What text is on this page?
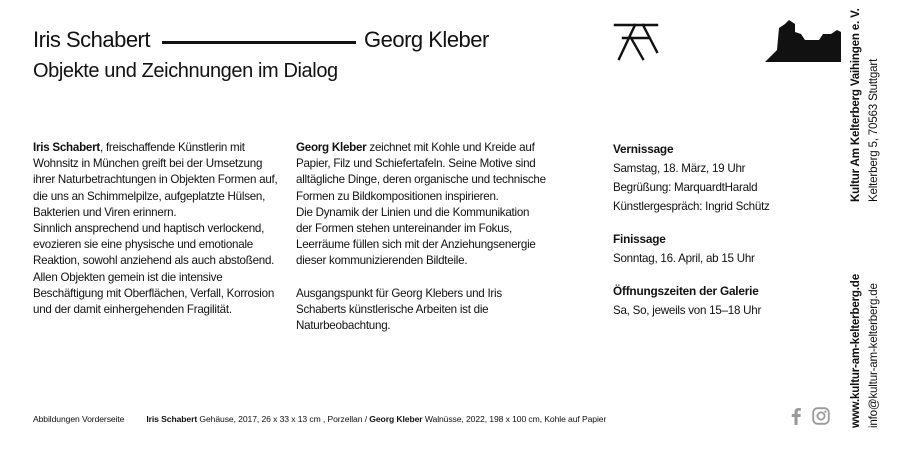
Iris Schabert	Georg Kleber
Objekte und Zeichnungen im Dialog

Iris Schabert, freischaffende Künstlerin mit Wohnsitz in München greift bei der Umsetzung ihrer Naturbetrachtungen in Objekten Formen auf, die uns an Schimmelpilze, aufgeplatzte Hülsen, Bakterien und Viren erinnern.

Sinnlich ansprechend und haptisch verlockend, evozieren sie eine physische und emotionale Reaktion, sowohl anziehend als auch abstoßend.

Allen Objekten gemein ist die intensive Beschäftigung mit Oberflächen, Verfall, Korrosion und der damit einhergehenden Fragilität.

Georg Kleber zeichnet mit Kohle und Kreide auf Papier, Filz und Schiefertafeln. Seine Motive sind alltägliche Dinge, deren organische und technische Formen zu Bildkompositionen inspirieren.

Die Dynamik der Linien und die Kommunikation der Formen stehen untereinander im Fokus, Leerräume füllen sich mit der Anziehungsenergie dieser kommunizierenden Bildteile.

Ausgangspunkt für Georg Klebers und Iris Schaberts künstlerische Arbeiten ist die Naturbeobachtung.

Vernissage
Samstag, 18. März, 19 Uhr
Begrüßung: MarquardtHarald
Künstlergespräch: Ingrid Schütz
Finissage
Sonntag, 16. April, ab 15 Uhr
Öffnungszeiten der Galerie
Sa, So, jeweils von 15–18 Uhr
Kultur Am Kelterberg Vaihingen e. V. Kelterberg 5, 70563 Stuttgart
www.kultur-am-kelterberg.de info@kultur-am-kelterberg.de
Abbildungen Vorderseite	Iris Schabert Gehäuse, 2017, 26 x 33 x 13 cm , Porzellan / Georg Kleber Walnüsse, 2022, 198 x 100 cm, Kohle auf Papier
